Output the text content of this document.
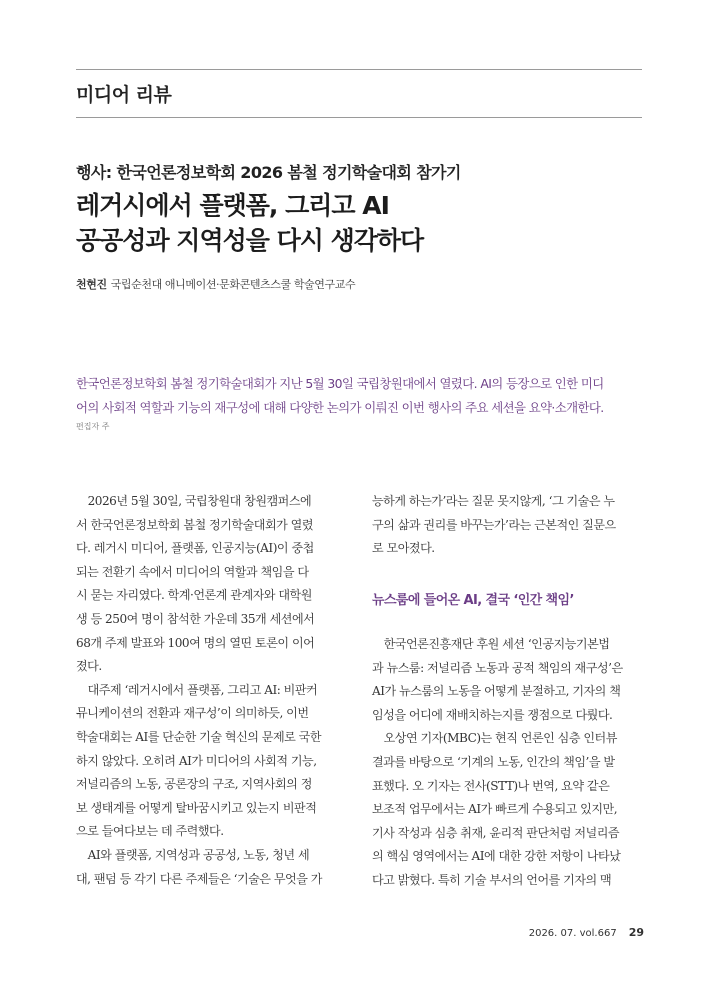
미디어 리뷰
행사: 한국언론정보학회 2026 봄철 정기학술대회 참가기
레거시에서 플랫폼, 그리고 AI
공공성과 지역성을 다시 생각하다
천현진 국립순천대 애니메이션·문화콘텐츠스쿨 학술연구교수
한국언론정보학회 봄철 정기학술대회가 지난 5월 30일 국립창원대에서 열렸다. AI의 등장으로 인한 미디
어의 사회적 역할과 기능의 재구성에 대해 다양한 논의가 이뤄진 이번 행사의 주요 세션을 요약·소개한다.
편집자 주
　2026년 5월 30일, 국립창원대 창원캠퍼스에
서 한국언론정보학회 봄철 정기학술대회가 열렸
다. 레거시 미디어, 플랫폼, 인공지능(AI)이 중첩
되는 전환기 속에서 미디어의 역할과 책임을 다
시 묻는 자리였다. 학계·언론계 관계자와 대학원
생 등 250여 명이 참석한 가운데 35개 세션에서
68개 주제 발표와 100여 명의 열띤 토론이 이어
졌다.
　대주제 ‘레거시에서 플랫폼, 그리고 AI: 비판커
뮤니케이션의 전환과 재구성’이 의미하듯, 이번
학술대회는 AI를 단순한 기술 혁신의 문제로 국한
하지 않았다. 오히려 AI가 미디어의 사회적 기능,
저널리즘의 노동, 공론장의 구조, 지역사회의 정
보 생태계를 어떻게 탈바꿈시키고 있는지 비판적
으로 들여다보는 데 주력했다.
　AI와 플랫폼, 지역성과 공공성, 노동, 청년 세
대, 팬덤 등 각기 다른 주제들은 ‘기술은 무엇을 가
능하게 하는가’라는 질문 못지않게, ‘그 기술은 누
구의 삶과 권리를 바꾸는가’라는 근본적인 질문으
로 모아졌다.
뉴스룸에 들어온 AI, 결국 ‘인간 책임’
　한국언론진흥재단 후원 세션 ‘인공지능기본법
과 뉴스룸: 저널리즘 노동과 공적 책임의 재구성’은
AI가 뉴스룸의 노동을 어떻게 분절하고, 기자의 책
임성을 어디에 재배치하는지를 쟁점으로 다뤘다.
　오상연 기자(MBC)는 현직 언론인 심층 인터뷰
결과를 바탕으로 ‘기계의 노동, 인간의 책임’을 발
표했다. 오 기자는 전사(STT)나 번역, 요약 같은
보조적 업무에서는 AI가 빠르게 수용되고 있지만,
기사 작성과 심층 취재, 윤리적 판단처럼 저널리즘
의 핵심 영역에서는 AI에 대한 강한 저항이 나타났
다고 밝혔다. 특히 기술 부서의 언어를 기자의 맥
2026. 07. vol.667 29
